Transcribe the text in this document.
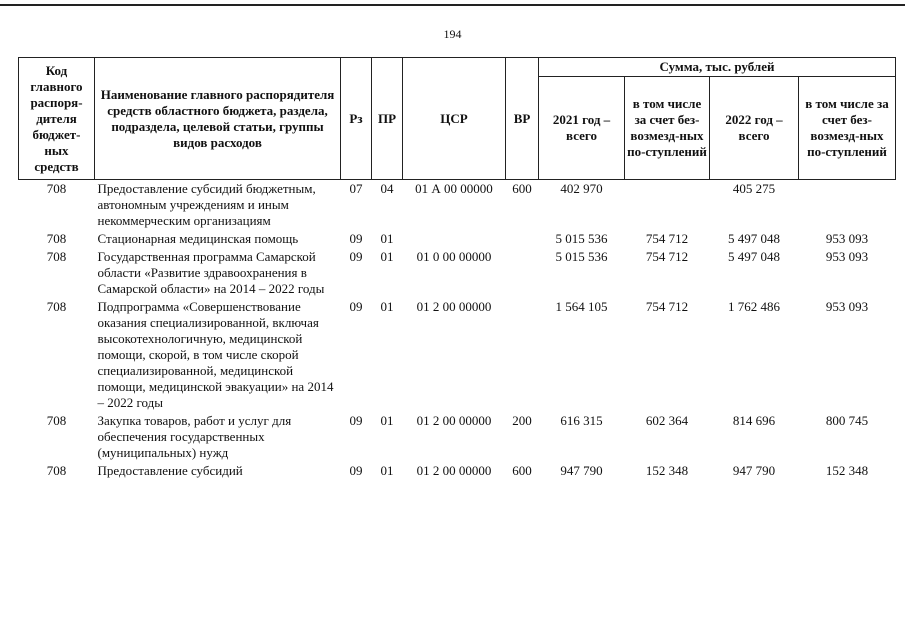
194
Код главного распоря-дителя бюджет-ных средств	Наименование главного распорядителя средств областного бюджета, раздела, подраздела, целевой статьи, группы видов расходов	Рз	ПР	ЦСР	ВР	Сумма, тыс. рублей			
						2021 год – всего	в том числе за счет без-возмезд-ных по-ступлений	2022 год – всего	в том числе за счет без-возмезд-ных по-ступлений
708	Предоставление субсидий бюджетным, автономным учреждениям и иным некоммерческим организациям	07	04	01 А 00 00000	600	402 970		405 275	
708	Стационарная медицинская помощь	09	01			5 015 536	754 712	5 497 048	953 093
708	Государственная программа Самарской области «Развитие здравоохранения в Самарской области» на 2014 – 2022 годы	09	01	01 0 00 00000		5 015 536	754 712	5 497 048	953 093
708	Подпрограмма «Совершенствование оказания специализированной, включая высокотехнологичную, медицинской помощи, скорой, в том числе скорой специализированной, медицинской помощи, медицинской эвакуации» на 2014 – 2022 годы	09	01	01 2 00 00000		1 564 105	754 712	1 762 486	953 093
708	Закупка товаров, работ и услуг для обеспечения государственных (муниципальных) нужд	09	01	01 2 00 00000	200	616 315	602 364	814 696	800 745
708	Предоставление субсидий	09	01	01 2 00 00000	600	947 790	152 348	947 790	152 348
